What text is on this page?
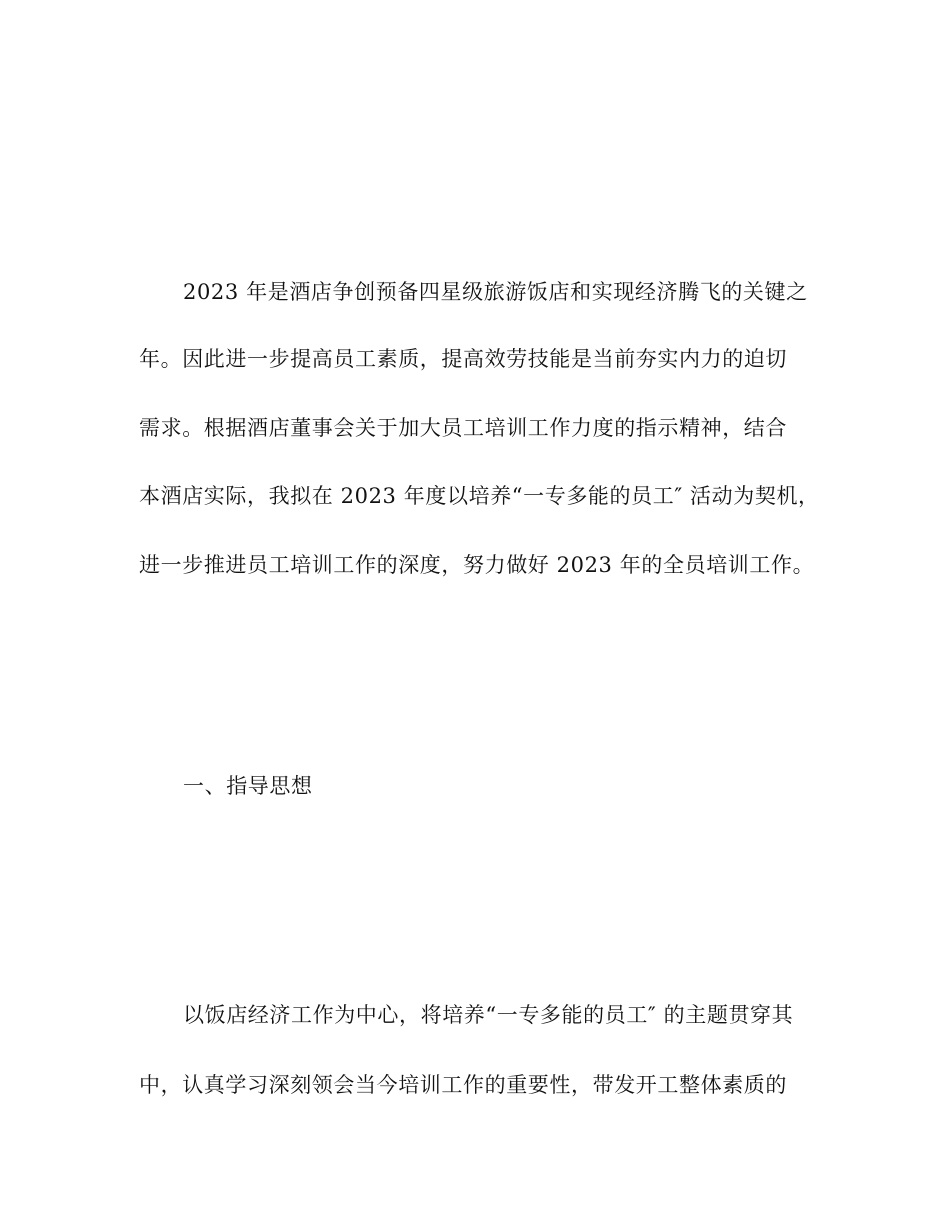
2023 年是酒店争创预备四星级旅游饭店和实现经济腾飞的关键之
年。因此进一步提高员工素质，提高效劳技能是当前夯实内力的迫切
需求。根据酒店董事会关于加大员工培训工作力度的指示精神，结合
本酒店实际，我拟在 2023 年度以培养“一专多能的员工″ 活动为契机，
进一步推进员工培训工作的深度，努力做好 2023 年的全员培训工作。
一、指导思想
以饭店经济工作为中心，将培养“一专多能的员工″ 的主题贯穿其
中，认真学习深刻领会当今培训工作的重要性，带发开工整体素质的
